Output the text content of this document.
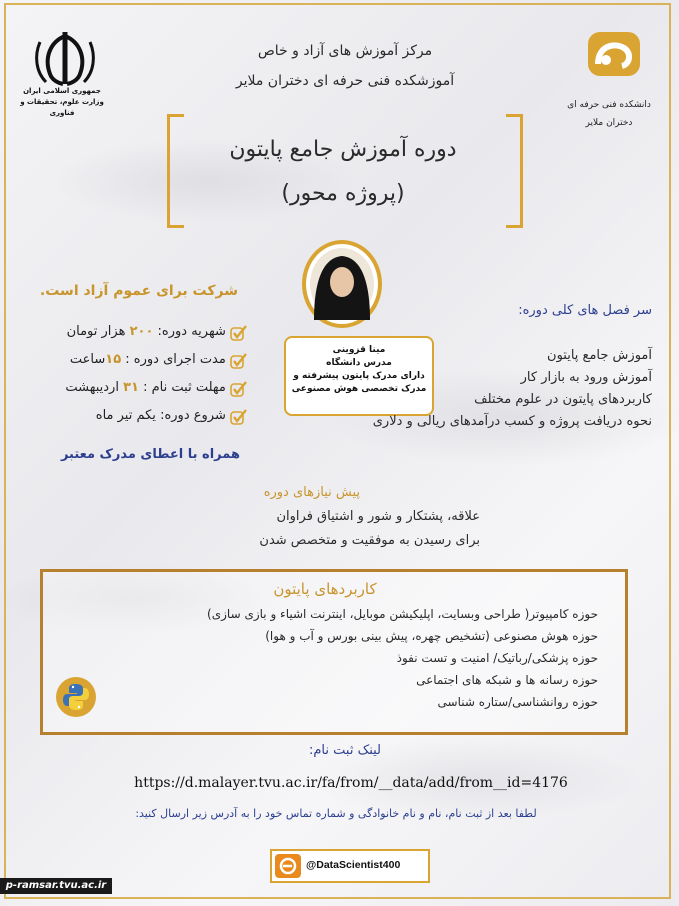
جمهوری اسلامی ایران
وزارت علوم، تحقیقات و فناوری
دانشکده فنی حرفه ای
دختران ملایر
مرکز آموزش های آزاد و خاص
آموزشکده فنی حرفه ای دختران ملایر
دوره آموزش جامع پایتون
(پروژه محور)
مینا قزوینی
مدرس دانشگاه
دارای مدرک پایتون پیشرفته و
مدرک تخصصی هوش مصنوعی
شرکت برای عموم آزاد است.
شهریه دوره: ۲۰۰ هزار تومان
مدت اجرای دوره : ۱۵ساعت
مهلت ثبت نام : ۳۱ اردیبهشت
شروع دوره: یکم تیر ماه
همراه با اعطای مدرک معتبر
سر فصل های کلی دوره:
آموزش جامع پایتون
آموزش ورود به بازار کار
کاربردهای پایتون در علوم مختلف
نحوه دریافت پروژه و کسب درآمدهای ریالی و دلاری
پیش نیازهای دوره
علاقه، پشتکار و شور و اشتیاق فراوان
برای رسیدن به موفقیت و متخصص شدن
کاربردهای پایتون
حوزه کامپیوتر( طراحی وبسایت، اپلیکیشن موبایل، اینترنت اشیاء و بازی سازی)
حوزه هوش مصنوعی (تشخیص چهره، پیش بینی بورس و آب و هوا)
حوزه پزشکی/رباتیک/ امنیت و تست نفوذ
حوزه رسانه ها و شبکه های اجتماعی
حوزه روانشناسی/ستاره شناسی
لینک ثبت نام:
https://d.malayer.tvu.ac.ir/fa/from/__data/add/from__id=4176
لطفا بعد از ثبت نام، نام و نام خانوادگی و شماره تماس خود را به آدرس زیر ارسال کنید:
@DataScientist400
p-ramsar.tvu.ac.ir
